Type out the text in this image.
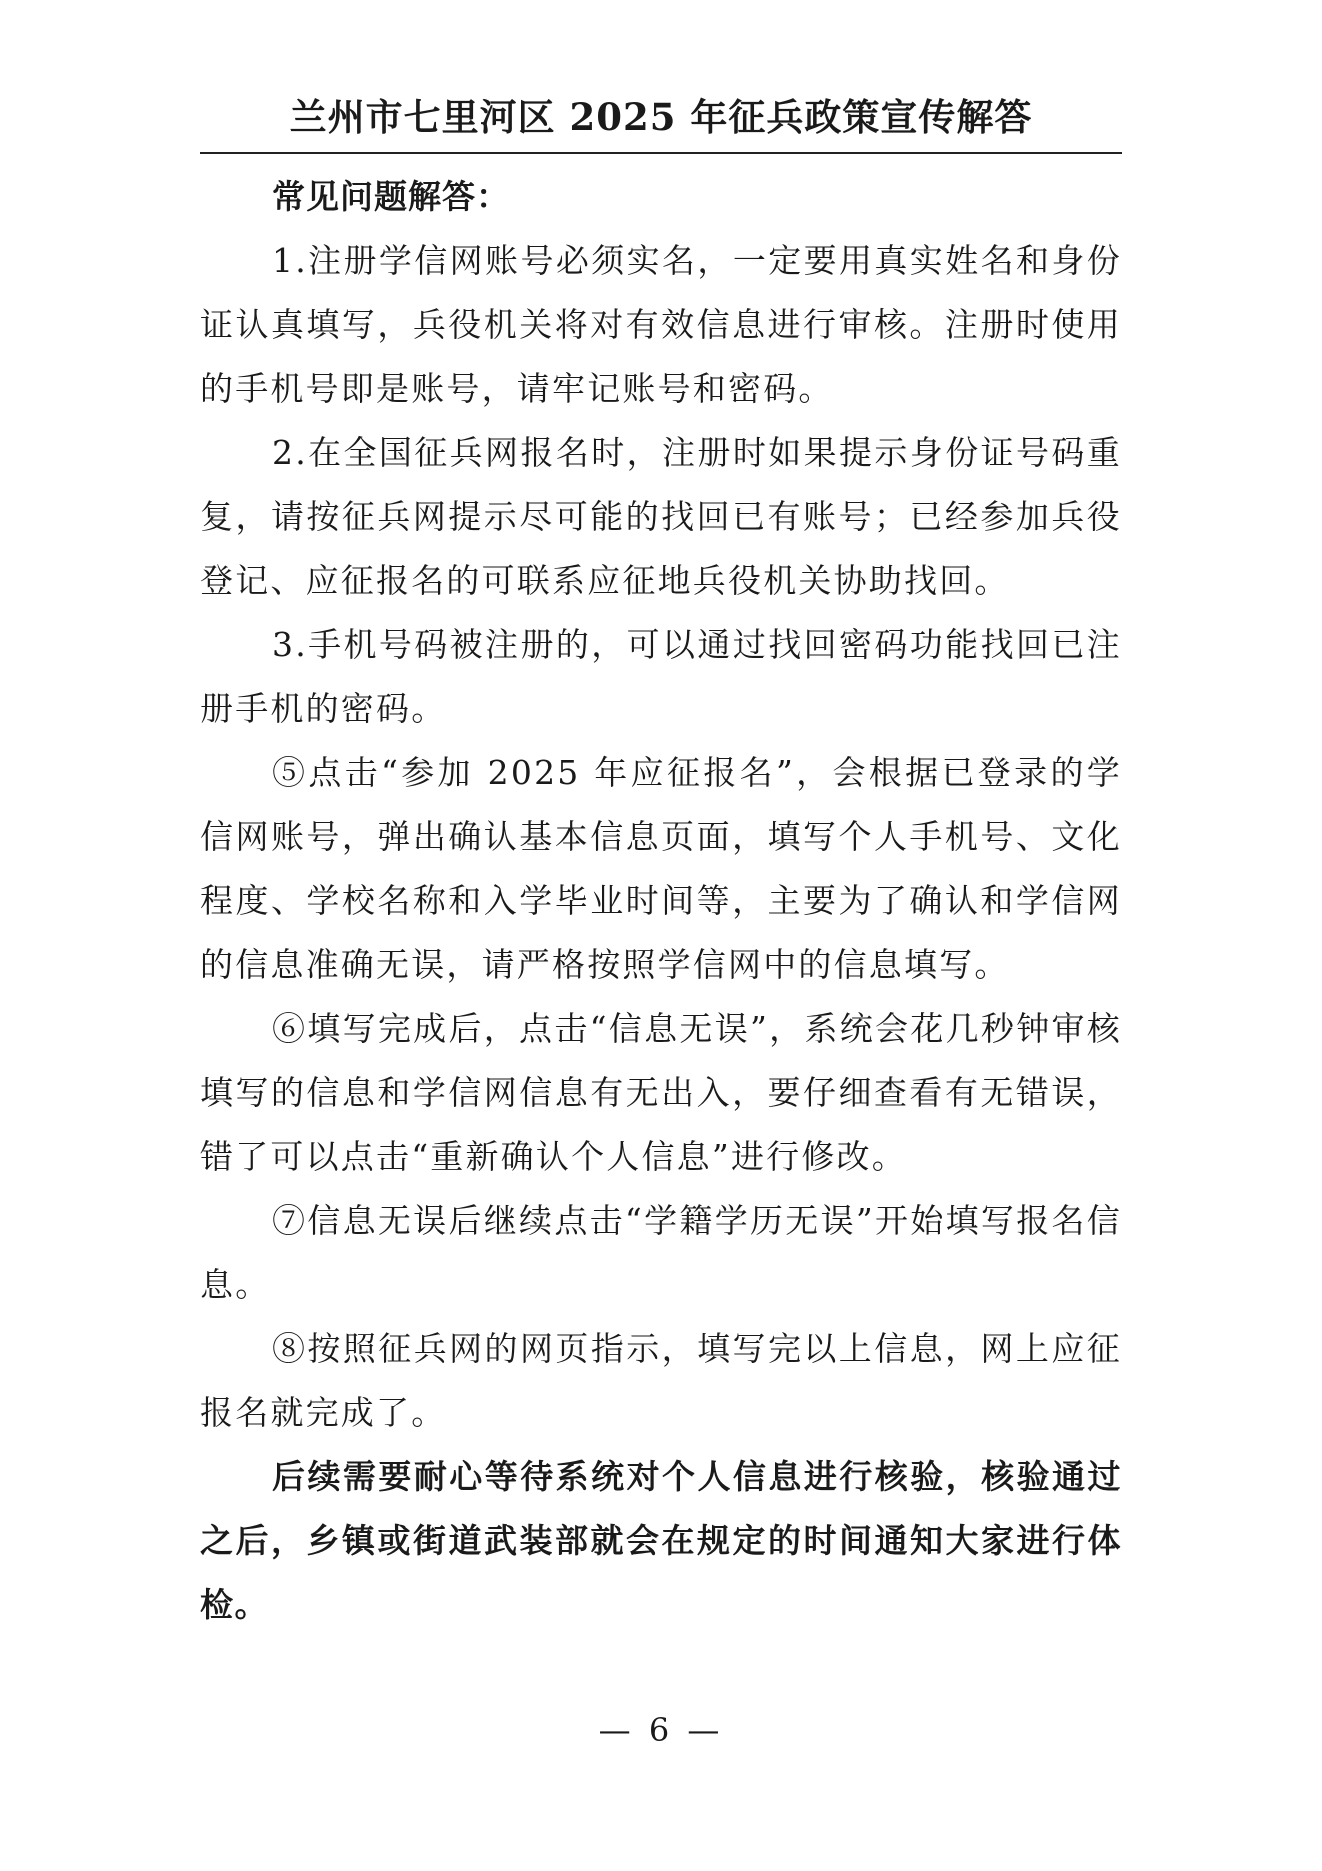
兰州市七里河区 2025 年征兵政策宣传解答

常见问题解答：

1.注册学信网账号必须实名，一定要用真实姓名和身份证认真填写，兵役机关将对有效信息进行审核。注册时使用的手机号即是账号，请牢记账号和密码。

2.在全国征兵网报名时，注册时如果提示身份证号码重复，请按征兵网提示尽可能的找回已有账号；已经参加兵役登记、应征报名的可联系应征地兵役机关协助找回。

3.手机号码被注册的，可以通过找回密码功能找回已注册手机的密码。

⑤点击“参加 2025 年应征报名”，会根据已登录的学信网账号，弹出确认基本信息页面，填写个人手机号、文化程度、学校名称和入学毕业时间等，主要为了确认和学信网的信息准确无误，请严格按照学信网中的信息填写。

⑥填写完成后，点击“信息无误”，系统会花几秒钟审核填写的信息和学信网信息有无出入，要仔细查看有无错误，错了可以点击“重新确认个人信息”进行修改。

⑦信息无误后继续点击“学籍学历无误”开始填写报名信息。

⑧按照征兵网的网页指示，填写完以上信息，网上应征报名就完成了。

后续需要耐心等待系统对个人信息进行核验，核验通过之后，乡镇或街道武装部就会在规定的时间通知大家进行体检。

— 6 —
